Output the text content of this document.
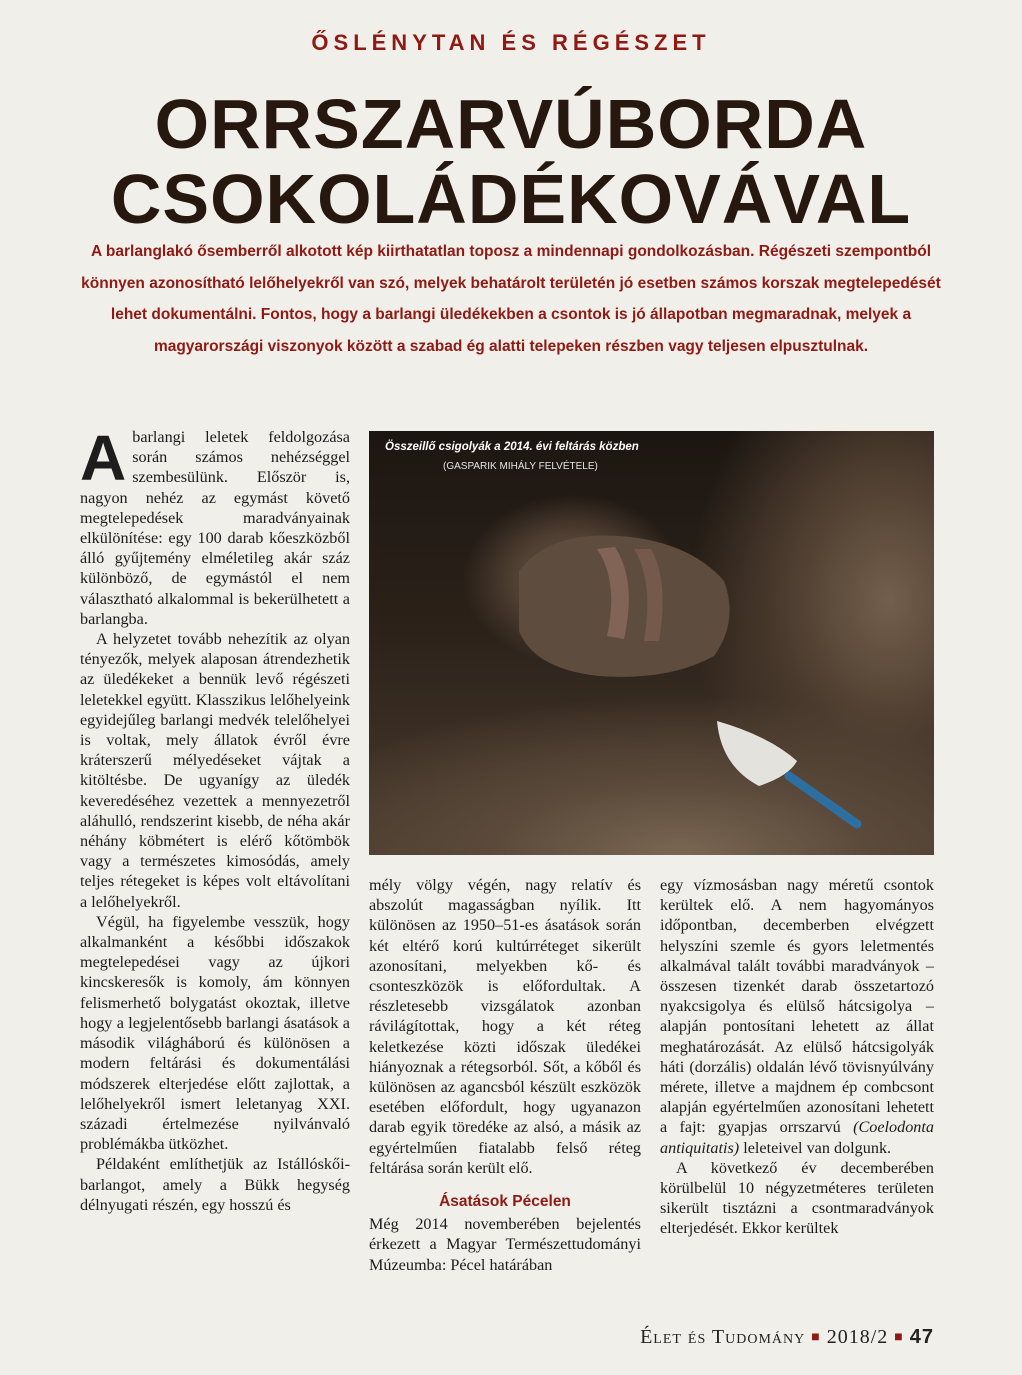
ŐSLÉNYTAN ÉS RÉGÉSZET
ORRSZARVÚBORDA
CSOKOLÁDÉKOVÁVAL

A barlanglakó ősemberről alkotott kép kiirthatatlan toposz a mindennapi gondolkozásban. Régészeti szempontból könnyen azonosítható lelőhelyekről van szó, melyek behatárolt területén jó esetben számos korszak megtelepedését lehet dokumentálni. Fontos, hogy a barlangi üledékekben a csontok is jó állapotban megmaradnak, melyek a magyarországi viszonyok között a szabad ég alatti telepeken részben vagy teljesen elpusztulnak.

Abarlangi leletek feldolgozása során számos nehézséggel szembesülünk. Először is, nagyon nehéz az egymást követő megtelepedések maradványainak elkülönítése: egy 100 darab kőeszközből álló gyűjtemény elméletileg akár száz különböző, de egymástól el nem választható alkalommal is bekerülhetett a barlangba.

A helyzetet tovább nehezítik az olyan tényezők, melyek alaposan átrendezhetik az üledékeket a bennük levő régészeti leletekkel együtt. Klasszikus lelőhelyeink egyidejűleg barlangi medvék telelőhelyei is voltak, mely állatok évről évre kráterszerű mélyedéseket vájtak a kitöltésbe. De ugyanígy az üledék keveredéséhez vezettek a mennyezetről aláhulló, rendszerint kisebb, de néha akár néhány köbmétert is elérő kőtömbök vagy a természetes kimosódás, amely teljes rétegeket is képes volt eltávolítani a lelőhelyekről.

Végül, ha figyelembe vesszük, hogy alkalmanként a későbbi időszakok megtelepedései vagy az újkori kincskeresők is komoly, ám könnyen felismerhető bolygatást okoztak, illetve hogy a legjelentősebb barlangi ásatások a második világháború és különösen a modern feltárási és dokumentálási módszerek elterjedése előtt zajlottak, a lelőhelyekről ismert leletanyag XXI. századi értelmezése nyilvánvaló problémákba ütközhet.

Példaként említhetjük az Istállóskői-barlangot, amely a Bükk hegység délnyugati részén, egy hosszú és

Összeillő csigolyák a 2014. évi feltárás közben
(GASPARIK MIHÁLY FELVÉTELE)

mély völgy végén, nagy relatív és abszolút magasságban nyílik. Itt különösen az 1950–51-es ásatások során két eltérő korú kultúrréteget sikerült azonosítani, melyekben kő- és csonteszközök is előfordultak. A részletesebb vizsgálatok azonban rávilágítottak, hogy a két réteg keletkezése közti időszak üledékei hiányoznak a rétegsorból. Sőt, a kőből és különösen az agancsból készült eszközök esetében előfordult, hogy ugyanazon darab egyik töredéke az alsó, a másik az egyértelműen fiatalabb felső réteg feltárása során került elő.

Ásatások Pécelen

Még 2014 novemberében bejelentés érkezett a Magyar Természettudományi Múzeumba: Pécel határában

egy vízmosásban nagy méretű csontok kerültek elő. A nem hagyományos időpontban, decemberben elvégzett helyszíni szemle és gyors leletmentés alkalmával talált további maradványok – összesen tizenkét darab összetartozó nyakcsigolya és elülső hátcsigolya – alapján pontosítani lehetett az állat meghatározását. Az elülső hátcsigolyák háti (dorzális) oldalán lévő tövisnyúlvány mérete, illetve a majdnem ép combcsont alapján egyértelműen azonosítani lehetett a fajt: gyapjas orrszarvú (Coelodonta antiquitatis) leleteivel van dolgunk.

A következő év decemberében körülbelül 10 négyzetméteres területen sikerült tisztázni a csontmaradványok elterjedését. Ekkor kerültek

Élet és Tudomány ■ 2018/2 ■ 47
